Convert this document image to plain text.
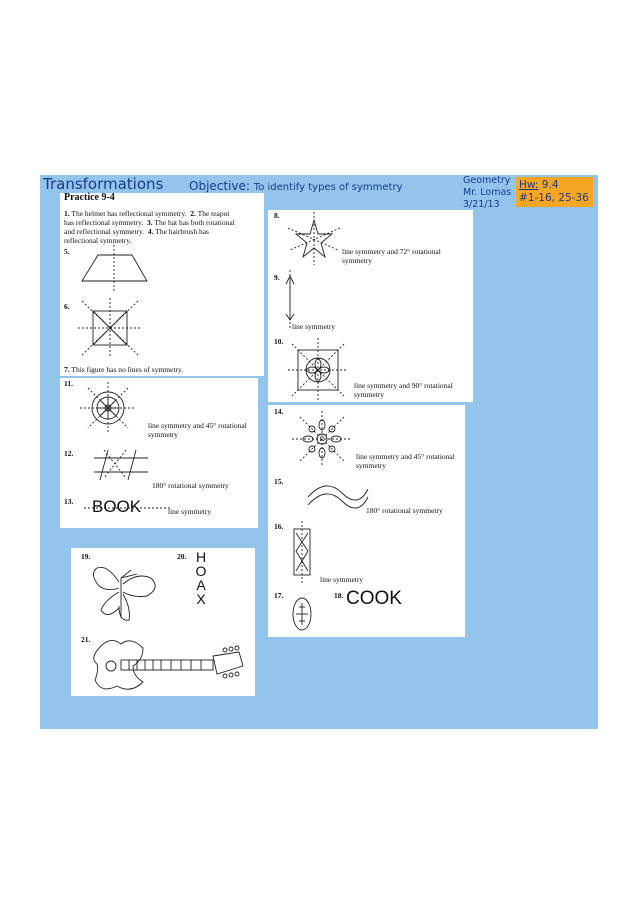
Transformations Objective: To identify types of symmetry
Geometry
Mr. Lomas
3/21/13
Hw: 9.4
#1-16, 25-36
Practice 9-4
1. The helmet has reflectional symmetry. 2. The teapot
has reflectional symmetry. 3. The hat has both rotational
and reflectional symmetry. 4. The hairbrush has
reflectional symmetry.
5.
6.
7. This figure has no lines of symmetry.
8.
line symmetry and 72° rotational
symmetry
9.
line symmetry
10.
line symmetry and 90° rotational
symmetry
11.
line symmetry and 45° rotational
symmetry
12.
180° rotational symmetry
13. BOOK	line symmetry
14.
line symmetry and 45° rotational
symmetry
15.
180° rotational symmetry
16.
line symmetry
17.	18. COOK
19.	20. H
O
A
X
21.
